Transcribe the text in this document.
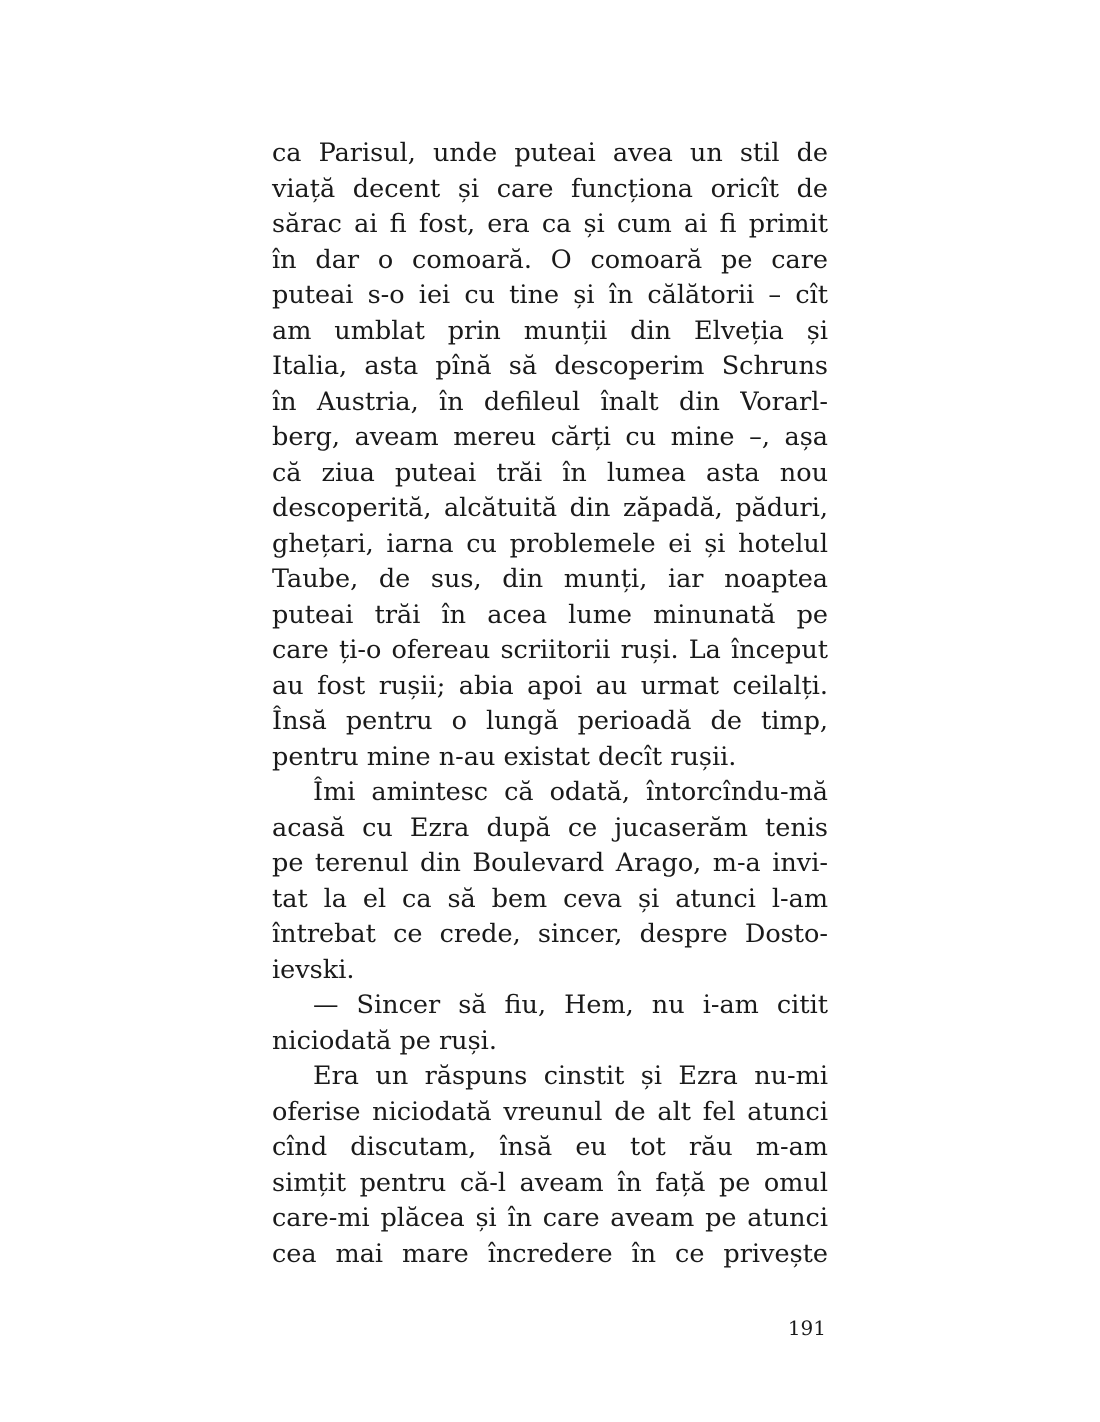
ca Parisul, unde puteai avea un stil de
viață decent și care funcționa oricît de
sărac ai fi fost, era ca și cum ai fi primit
în dar o comoară. O comoară pe care
puteai s-o iei cu tine și în călătorii – cît
am umblat prin munții din Elveția și
Italia, asta pînă să descoperim Schruns
în Austria, în defileul înalt din Vorarl-
berg, aveam mereu cărți cu mine –, așa
că ziua puteai trăi în lumea asta nou
descoperită, alcătuită din zăpadă, păduri,
ghețari, iarna cu problemele ei și hotelul
Taube, de sus, din munți, iar noaptea
puteai trăi în acea lume minunată pe
care ți-o ofereau scriitorii ruși. La început
au fost rușii; abia apoi au urmat ceilalți.
Însă pentru o lungă perioadă de timp,
pentru mine n-au existat decît rușii.
Îmi amintesc că odată, întorcîndu-mă
acasă cu Ezra după ce jucaserăm tenis
pe terenul din Boulevard Arago, m-a invi-
tat la el ca să bem ceva și atunci l-am
întrebat ce crede, sincer, despre Dosto-
ievski.
— Sincer să fiu, Hem, nu i-am citit
niciodată pe ruși.
Era un răspuns cinstit și Ezra nu-mi
oferise niciodată vreunul de alt fel atunci
cînd discutam, însă eu tot rău m-am
simțit pentru că-l aveam în față pe omul
care-mi plăcea și în care aveam pe atunci
cea mai mare încredere în ce privește
191
